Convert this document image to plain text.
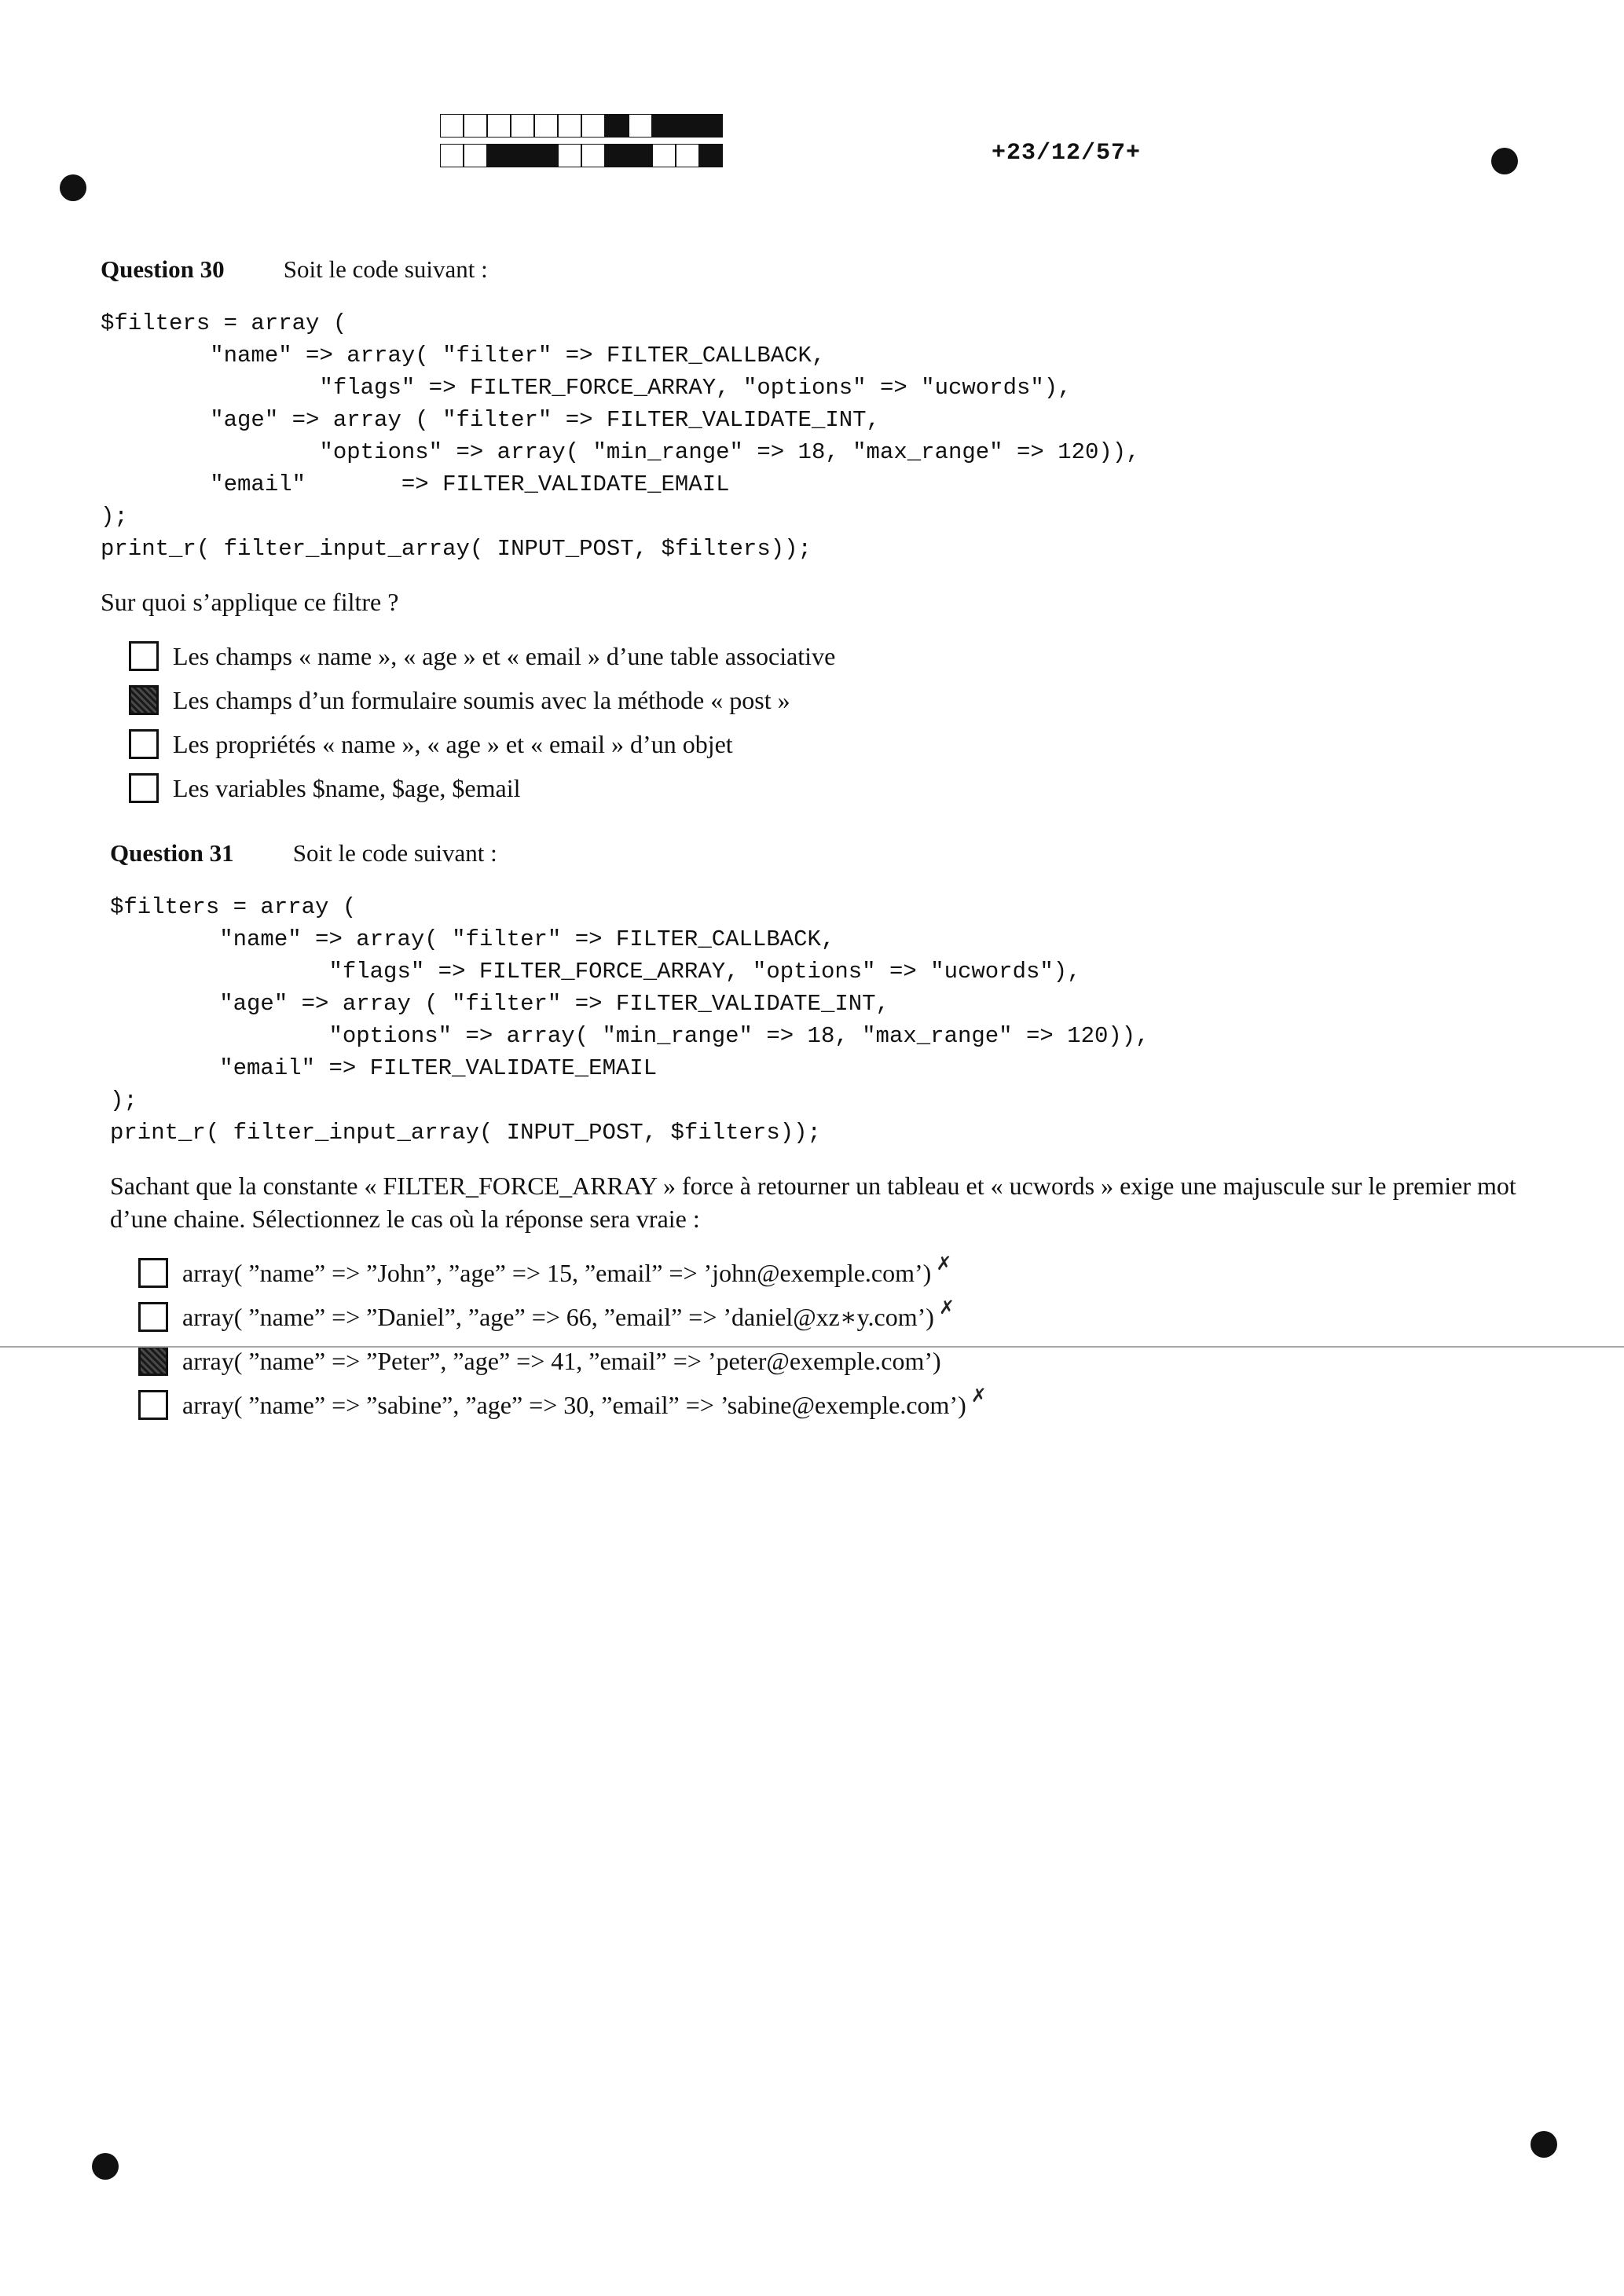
+23/12/57+
Question 30 Soit le code suivant :
$filters = array (
"name" => array( "filter" => FILTER_CALLBACK,
"flags" => FILTER_FORCE_ARRAY, "options" => "ucwords"),
"age" => array ( "filter" => FILTER_VALIDATE_INT,
"options" => array( "min_range" => 18, "max_range" => 120)),
"email"       => FILTER_VALIDATE_EMAIL
);
print_r( filter_input_array( INPUT_POST, $filters));
Sur quoi s’applique ce filtre ?
Les champs « name », « age » et « email » d’une table associative
Les champs d’un formulaire soumis avec la méthode « post »
Les propriétés « name », « age » et « email » d’un objet
Les variables $name, $age, $email
Question 31 Soit le code suivant :
$filters = array (
"name" => array( "filter" => FILTER_CALLBACK,
"flags" => FILTER_FORCE_ARRAY, "options" => "ucwords"),
"age" => array ( "filter" => FILTER_VALIDATE_INT,
"options" => array( "min_range" => 18, "max_range" => 120)),
"email" => FILTER_VALIDATE_EMAIL
);
print_r( filter_input_array( INPUT_POST, $filters));
Sachant que la constante « FILTER_FORCE_ARRAY » force à retourner un tableau et « ucwords » exige une majuscule sur le premier mot d’une chaine. Sélectionnez le cas où la réponse sera vraie :
array( ”name” => ”John”, ”age” => 15, ”email” => ’john@exemple.com’) ✗
array( ”name” => ”Daniel”, ”age” => 66, ”email” => ’daniel@xz∗y.com’) ✗
array( ”name” => ”Peter”, ”age” => 41, ”email” => ’peter@exemple.com’)
array( ”name” => ”sabine”, ”age” => 30, ”email” => ’sabine@exemple.com’) ✗
